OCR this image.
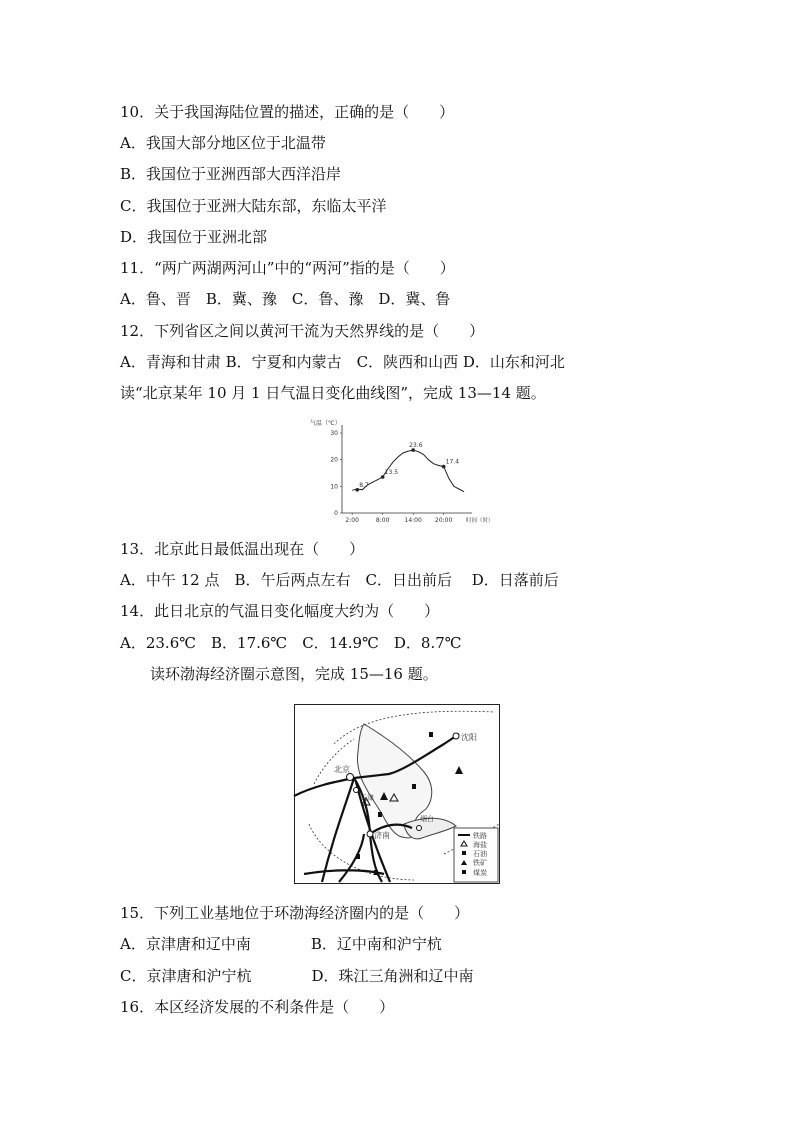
10．关于我国海陆位置的描述，正确的是（　　）
A．我国大部分地区位于北温带
B．我国位于亚洲西部大西洋沿岸
C．我国位于亚洲大陆东部，东临太平洋
D．我国位于亚洲北部
11．“两广两湖两河山”中的“两河”指的是（　　）
A．鲁、晋　B．冀、豫　C．鲁、豫　D．冀、鲁
12．下列省区之间以黄河干流为天然界线的是（　　）
A．青海和甘肃 B．宁夏和内蒙古　C．陕西和山西 D．山东和河北
读“北京某年 10 月 1 日气温日变化曲线图”，完成 13—14 题。
气温（℃）
0
10
20
30
2:00	8:00	14:00 20:00 时间（时）
8.7
13.5
23.6
17.4
13．北京此日最低温出现在（　　）
A．中午 12 点　B．午后两点左右　C．日出前后　 D．日落前后
14．此日北京的气温日变化幅度大约为（　　）
A．23.6℃　B．17.6℃　C．14.9℃　D．8.7℃
读环渤海经济圈示意图，完成 15—16 题。
沈阳
北京
天津
烟台
济南	铁路
海盐
石油
铁矿
煤炭
15．下列工业基地位于环渤海经济圈内的是（　　）
A．京津唐和辽中南　　　　B．辽中南和沪宁杭
C．京津唐和沪宁杭　　　　D．珠江三角洲和辽中南
16．本区经济发展的不利条件是（　　）
